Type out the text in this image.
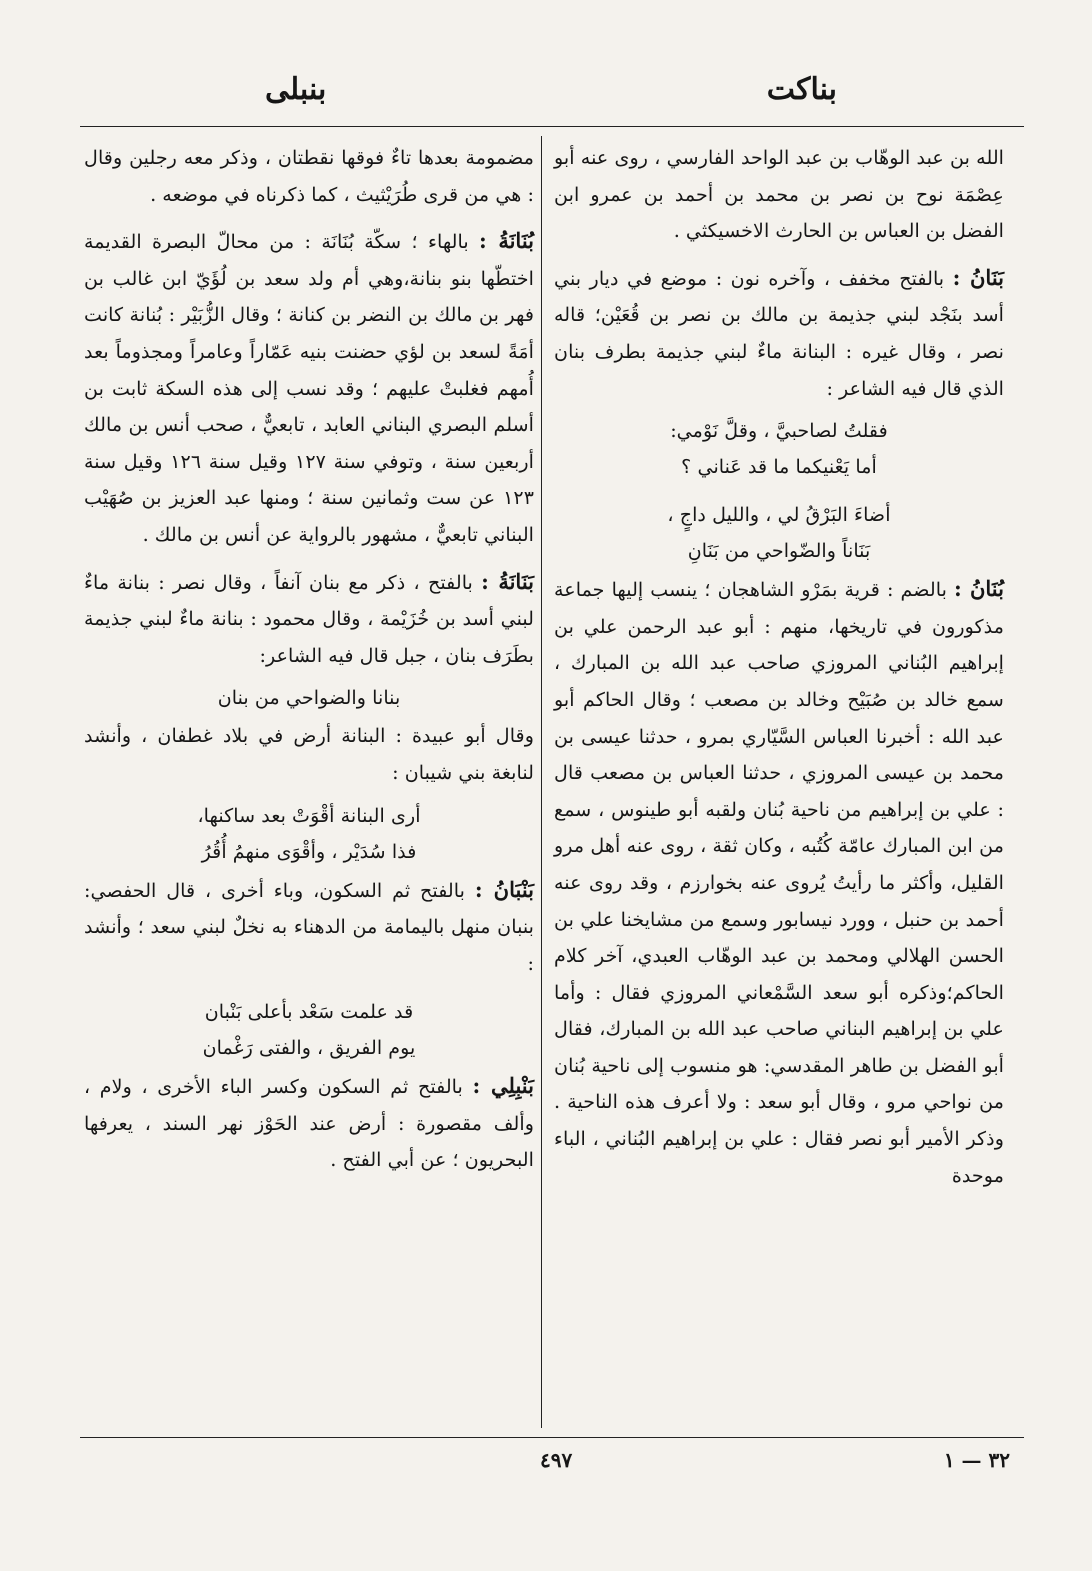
بناكت
بنبلى

الله بن عبد الوهّاب بن عبد الواحد الفارسي ، روى عنه أبو عِصْمَة نوح بن نصر بن محمد بن أحمد بن عمرو ابن الفضل بن العباس بن الحارث الاخسيكثي .

بَنَانُ : بالفتح مخفف ، وآخره نون : موضع في ديار بني أسد بنَجْد لبني جذيمة بن مالك بن نصر بن قُعَيْن؛ قاله نصر ، وقال غيره : البنانة ماءٌ لبني جذيمة بطرف بنان الذي قال فيه الشاعر :

فقلتُ لصاحبيَّ ، وقلَّ نَوْمي:
أما يَعْنيكما ما قد عَناني ؟
أضاءَ البَرْقُ لي ، والليل داجٍ ،
بَنَاناً والضّواحي من بَنَانِ

بُنَانُ : بالضم : قرية بمَرْو الشاهجان ؛ ينسب إليها جماعة مذكورون في تاريخها، منهم : أبو عبد الرحمن علي بن إبراهيم البُناني المروزي صاحب عبد الله بن المبارك ، سمع خالد بن صُبَيْح وخالد بن مصعب ؛ وقال الحاكم أبو عبد الله : أخبرنا العباس السَّيّاري بمرو ، حدثنا عيسى بن محمد بن عيسى المروزي ، حدثنا العباس بن مصعب قال : علي بن إبراهيم من ناحية بُنان ولقبه أبو طينوس ، سمع من ابن المبارك عامّة كُتُبه ، وكان ثقة ، روى عنه أهل مرو القليل، وأكثر ما رأيتُ يُروى عنه بخوارزم ، وقد روى عنه أحمد بن حنبل ، وورد نيسابور وسمع من مشايخنا علي بن الحسن الهلالي ومحمد بن عبد الوهّاب العبدي، آخر كلام الحاكم؛وذكره أبو سعد السَّمْعاني المروزي فقال : وأما علي بن إبراهيم البناني صاحب عبد الله بن المبارك، فقال أبو الفضل بن طاهر المقدسي: هو منسوب إلى ناحية بُنان من نواحي مرو ، وقال أبو سعد : ولا أعرف هذه الناحية . وذكر الأمير أبو نصر فقال : علي بن إبراهيم البُناني ، الباء موحدة

مضمومة بعدها تاءٌ فوقها نقطتان ، وذكر معه رجلين وقال : هي من قرى طُرَيْثيث ، كما ذكرناه في موضعه .

بُنَانَةُ : بالهاء ؛ سكّة بُنَانَة : من محالّ البصرة القديمة اختطّها بنو بنانة،وهي أم ولد سعد بن لُؤَيّ ابن غالب بن فهر بن مالك بن النضر بن كنانة ؛ وقال الزُّبَيْر : بُنانة كانت أمَةً لسعد بن لؤي حضنت بنيه عَمّاراً وعامراً ومجذوماً بعد أُمهم فغلبتْ عليهم ؛ وقد نسب إلى هذه السكة ثابت بن أسلم البصري البناني العابد ، تابعيٌّ ، صحب أنس بن مالك أربعين سنة ، وتوفي سنة ١٢٧ وقيل سنة ١٢٦ وقيل سنة ١٢٣ عن ست وثمانين سنة ؛ ومنها عبد العزيز بن صُهَيْب البناني تابعيٌّ ، مشهور بالرواية عن أنس بن مالك .

بَنَانَةُ : بالفتح ، ذكر مع بنان آنفاً ، وقال نصر : بنانة ماءٌ لبني أسد بن خُزَيْمة ، وقال محمود : بنانة ماءٌ لبني جذيمة بطَرَف بنان ، جبل قال فيه الشاعر:

بنانا والضواحي من بنان

وقال أبو عبيدة : البنانة أرض في بلاد غطفان ، وأنشد لنابغة بني شيبان :

أرى البنانة أقْوَتْ بعد ساكنها،
فذا سُدَيْر ، وأقْوَى منهمُ أُقُرُ

بَنْبَانُ : بالفتح ثم السكون، وباء أخرى ، قال الحفصي: بنبان منهل باليمامة من الدهناء به نخلٌ لبني سعد ؛ وأنشد :

قد علمت سَعْد بأعلى بَنْبان
يوم الفريق ، والفتى رَغْمان

بَنْبِلِي : بالفتح ثم السكون وكسر الباء الأخرى ، ولام ، وألف مقصورة : أرض عند الحَوْز نهر السند ، يعرفها البحريون ؛ عن أبي الفتح .

٤٩٧	٣٢ — ١
